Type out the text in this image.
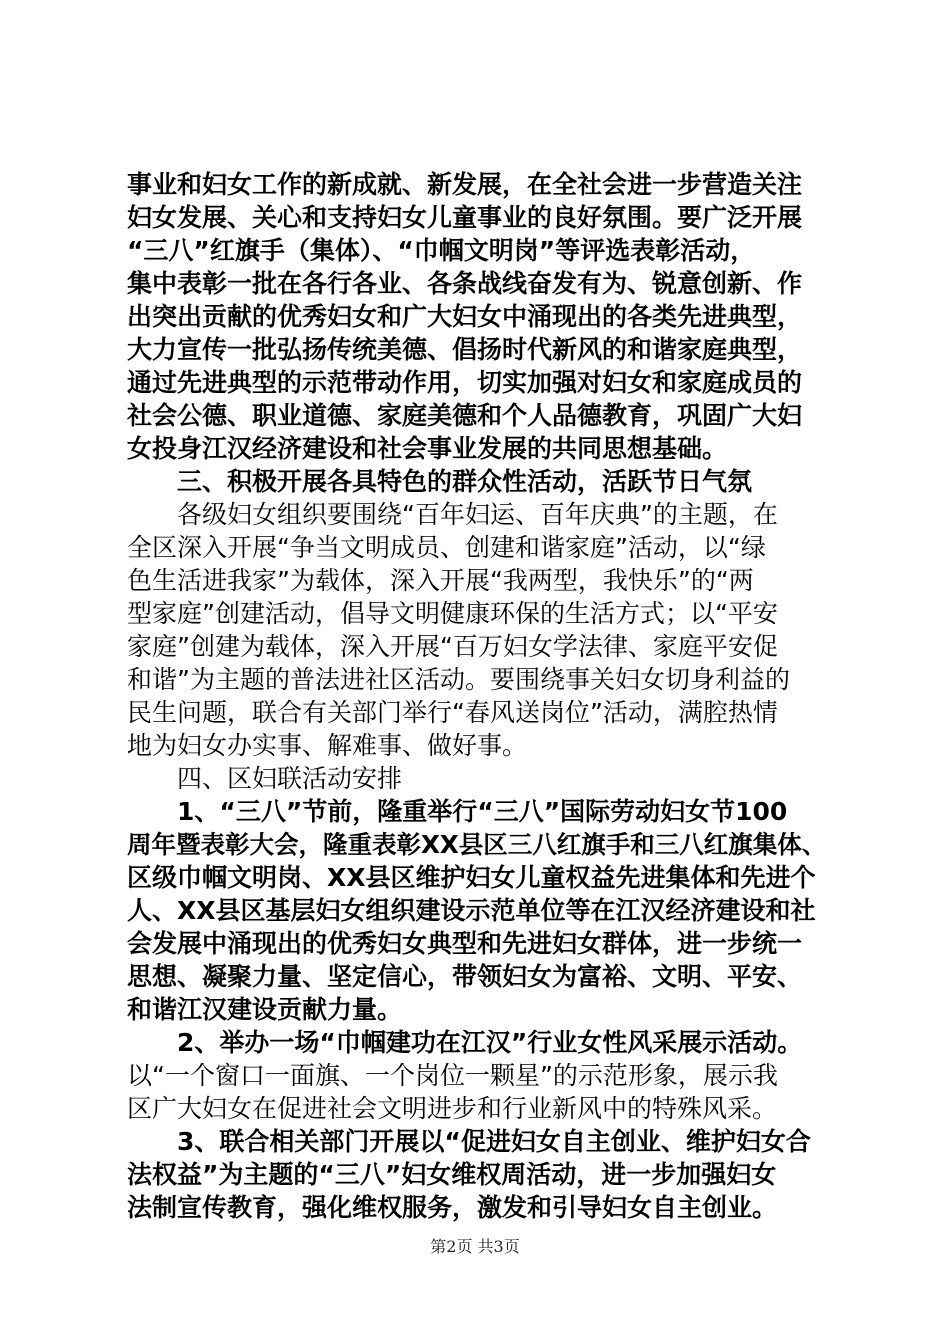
事业和妇女工作的新成就、新发展，在全社会进一步营造关注
妇女发展、关心和支持妇女儿童事业的良好氛围。要广泛开展
“三八”红旗手（集体）、“巾帼文明岗”等评选表彰活动，
集中表彰一批在各行各业、各条战线奋发有为、锐意创新、作
出突出贡献的优秀妇女和广大妇女中涌现出的各类先进典型，
大力宣传一批弘扬传统美德、倡扬时代新风的和谐家庭典型，
通过先进典型的示范带动作用，切实加强对妇女和家庭成员的
社会公德、职业道德、家庭美德和个人品德教育，巩固广大妇
女投身江汉经济建设和社会事业发展的共同思想基础。
　　三、积极开展各具特色的群众性活动，活跃节日气氛
　　各级妇女组织要围绕“百年妇运、百年庆典”的主题，在
全区深入开展“争当文明成员、创建和谐家庭”活动，以“绿
色生活进我家”为载体，深入开展“我两型，我快乐”的“两
型家庭”创建活动，倡导文明健康环保的生活方式；以“平安
家庭”创建为载体，深入开展“百万妇女学法律、家庭平安促
和谐”为主题的普法进社区活动。要围绕事关妇女切身利益的
民生问题，联合有关部门举行“春风送岗位”活动，满腔热情
地为妇女办实事、解难事、做好事。
　　四、区妇联活动安排
　　1、“三八”节前，隆重举行“三八”国际劳动妇女节100
周年暨表彰大会，隆重表彰XX县区三八红旗手和三八红旗集体、
区级巾帼文明岗、XX县区维护妇女儿童权益先进集体和先进个
人、XX县区基层妇女组织建设示范单位等在江汉经济建设和社
会发展中涌现出的优秀妇女典型和先进妇女群体，进一步统一
思想、凝聚力量、坚定信心，带领妇女为富裕、文明、平安、
和谐江汉建设贡献力量。
　　2、举办一场“巾帼建功在江汉”行业女性风采展示活动。
以“一个窗口一面旗、一个岗位一颗星”的示范形象，展示我
区广大妇女在促进社会文明进步和行业新风中的特殊风采。
　　3、联合相关部门开展以“促进妇女自主创业、维护妇女合
法权益”为主题的“三八”妇女维权周活动，进一步加强妇女
法制宣传教育，强化维权服务，激发和引导妇女自主创业。
第2页 共3页
